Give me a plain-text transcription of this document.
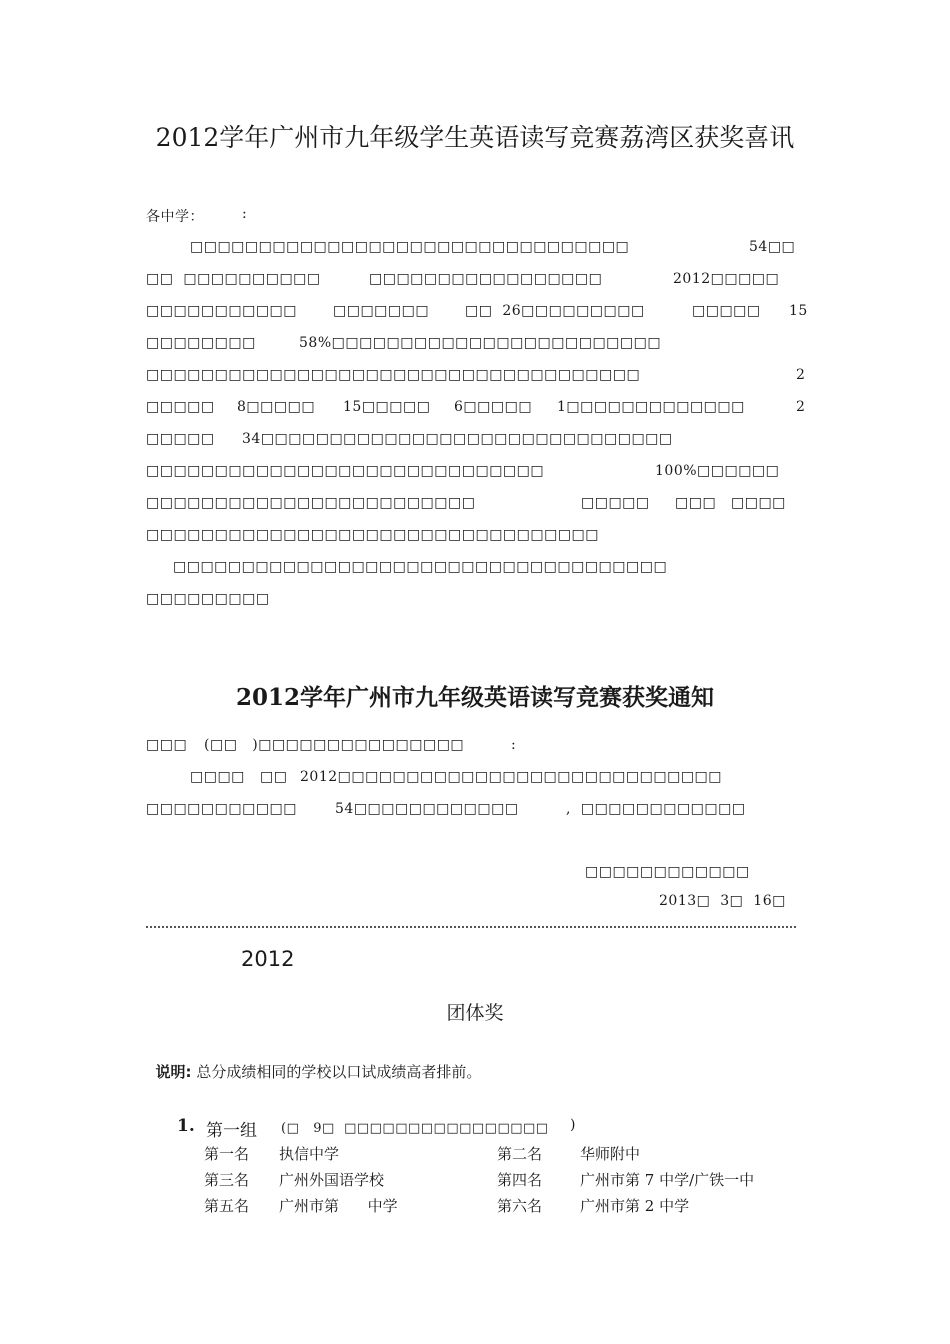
2012学年广州市九年级学生英语读写竞赛荔湾区获奖喜讯
各中学：	:
□□□□□□□□□□□□□□□□□□□□□□□□□□□□□□□□	54□□
□□  □□□□□□□□□□	□□□□□□□□□□□□□□□□□	2012□□□□□
□□□□□□□□□□□	□□□□□□□	□□  26□□□□□□□□□	□□□□□ 15
□□□□□□□□	58%□□□□□□□□□□□□□□□□□□□□□□□□
□□□□□□□□□□□□□□□□□□□□□□□□□□□□□□□□□□□□	2
□□□□□ 8□□□□□ 15□□□□□ 6□□□□□ 1□□□□□□□□□□□□□	2
□□□□□ 34□□□□□□□□□□□□□□□□□□□□□□□□□□□□□□
□□□□□□□□□□□□□□□□□□□□□□□□□□□□□	100%□□□□□□
□□□□□□□□□□□□□□□□□□□□□□□□	□□□□□ □□□ □□□□
□□□□□□□□□□□□□□□□□□□□□□□□□□□□□□□□□
□□□□□□□□□□□□□□□□□□□□□□□□□□□□□□□□□□□□
□□□□□□□□□
2012学年广州市九年级英语读写竞赛获奖通知
□□□ (□□   )□□□□□□□□□□□□□□□	:
□□□□ □□ 2012□□□□□□□□□□□□□□□□□□□□□□□□□□□□
□□□□□□□□□□□	54□□□□□□□□□□□□	,  □□□□□□□□□□□□
□□□□□□□□□□□□
2013□  3□  16□
2012
团体奖

说明: 总分成绩相同的学校以口试成绩高者排前。

1. 第一组 (□   9□  □□□□□□□□□□□□□□□□ )
第一名 执信中学	第二名	华师附中
第三名 广州外国语学校	第四名	广州市第 7 中学/广铁一中
第五名 广州市第      中学	第六名	广州市第 2 中学
